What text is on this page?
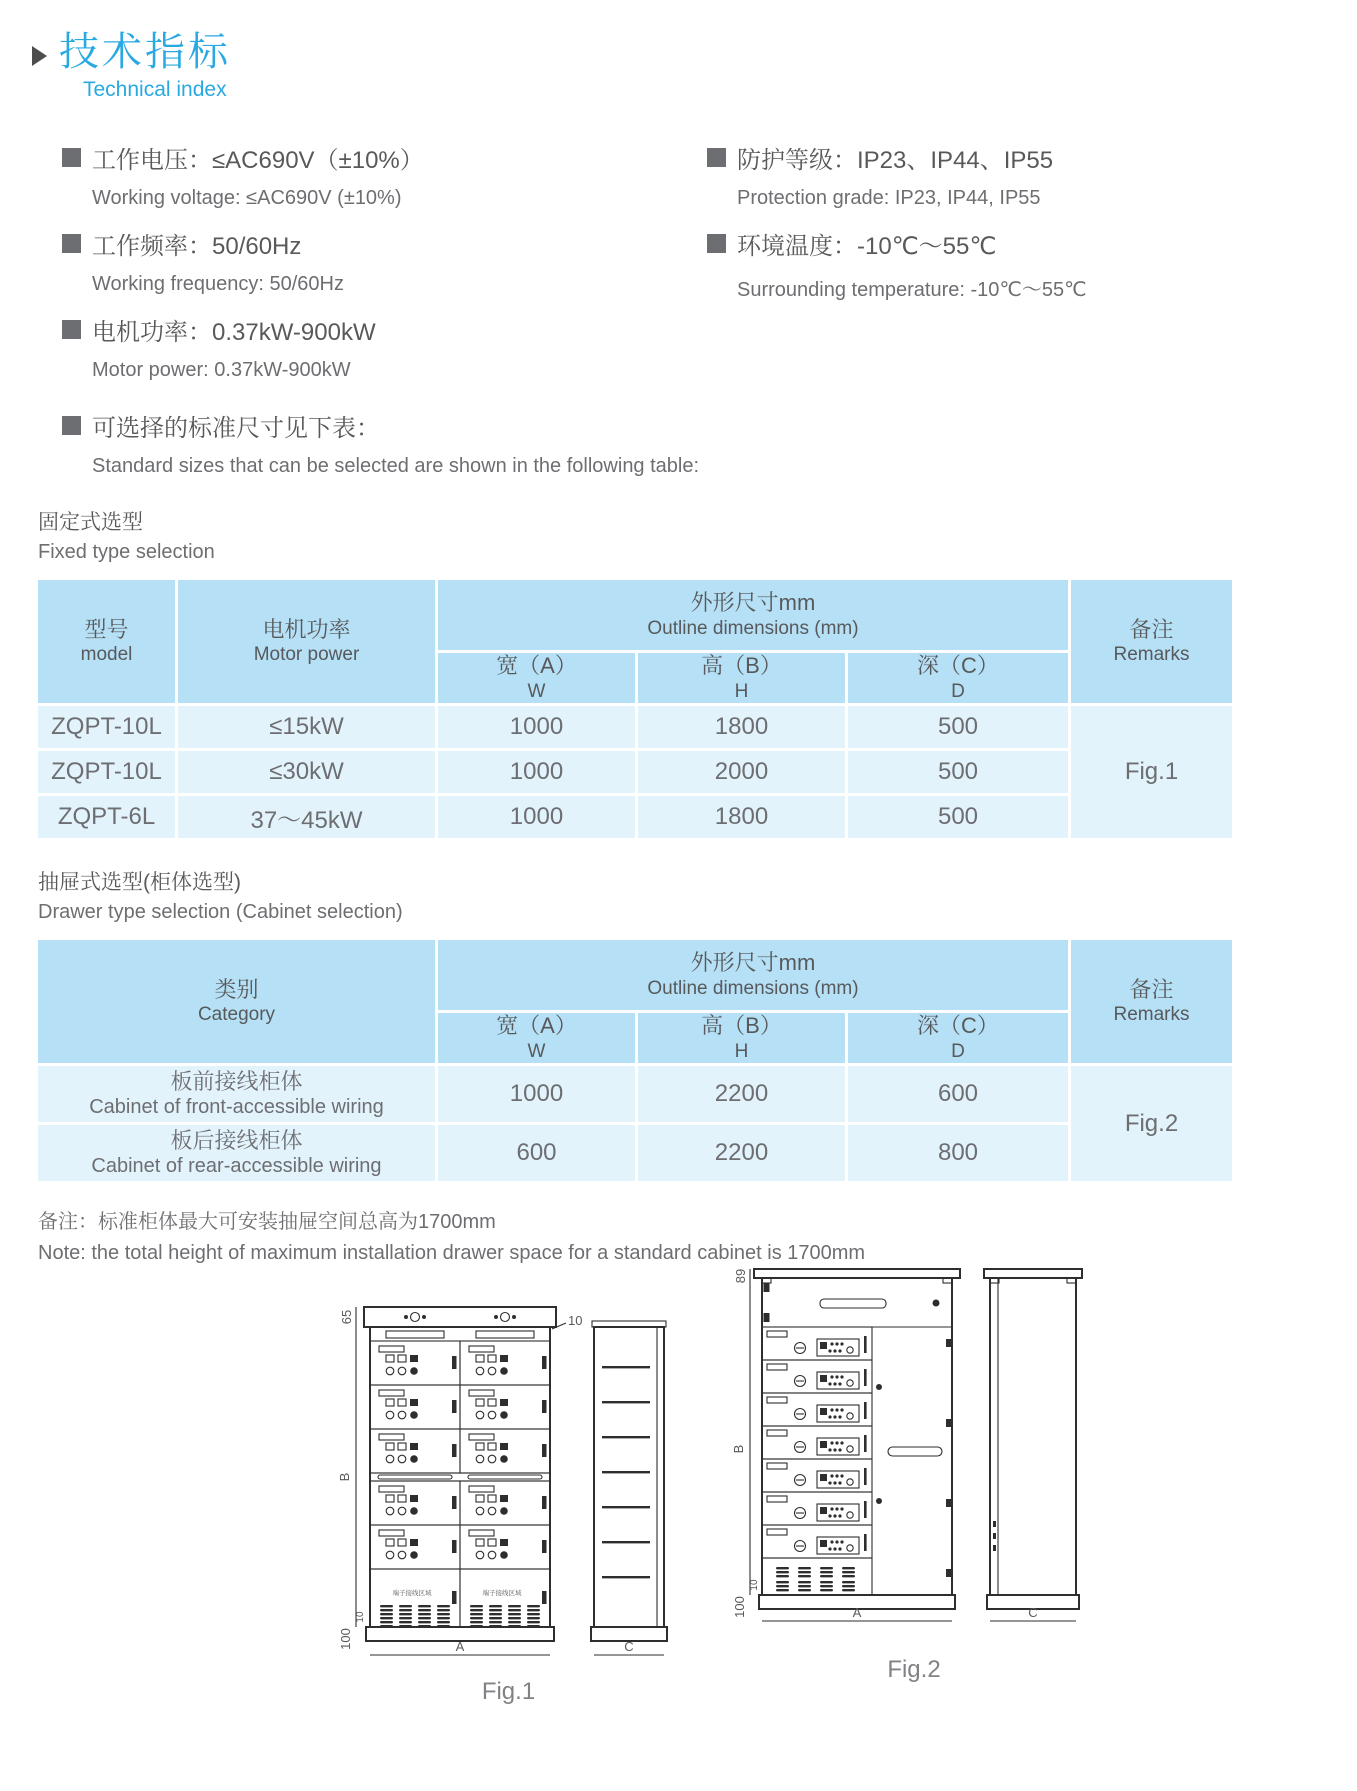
技术指标
Technical index
工作电压：≤AC690V（±10%）
Working voltage: ≤AC690V (±10%)
工作频率：50/60Hz
Working frequency: 50/60Hz
电机功率：0.37kW-900kW
Motor power: 0.37kW-900kW
防护等级：IP23、IP44、IP55
Protection grade: IP23, IP44, IP55
环境温度：-10℃～55℃
Surrounding temperature: -10℃～55℃
可选择的标准尺寸见下表：
Standard sizes that can be selected are shown in the following table:
固定式选型
Fixed type selection
型号
model
电机功率
Motor power
外形尺寸mm
Outline dimensions (mm)
宽（A）
W
高（B）
H
深（C）
D
备注
Remarks
ZQPT-10L	≤15kW	1000	1800	500
ZQPT-10L	≤30kW	1000	2000	500
ZQPT-6L	37～45kW	1000	1800	500
Fig.1
抽屉式选型(柜体选型)
Drawer type selection (Cabinet selection)
类别
Category
外形尺寸mm
Outline dimensions (mm)
宽（A）
W
高（B）
H
深（C）
D
备注
Remarks
板前接线柜体
Cabinet of front-accessible wiring
1000	2200	600
板后接线柜体
Cabinet of rear-accessible wiring
600	2200	800
Fig.2
备注：标准柜体最大可安装抽屉空间总高为1700mm
Note: the total height of maximum installation drawer space for a standard cabinet is 1700mm
端子接线区域	端子接线区域
65
B
10
100
10
A	C
Fig.1
89
B
10
100	A	C
Fig.2
